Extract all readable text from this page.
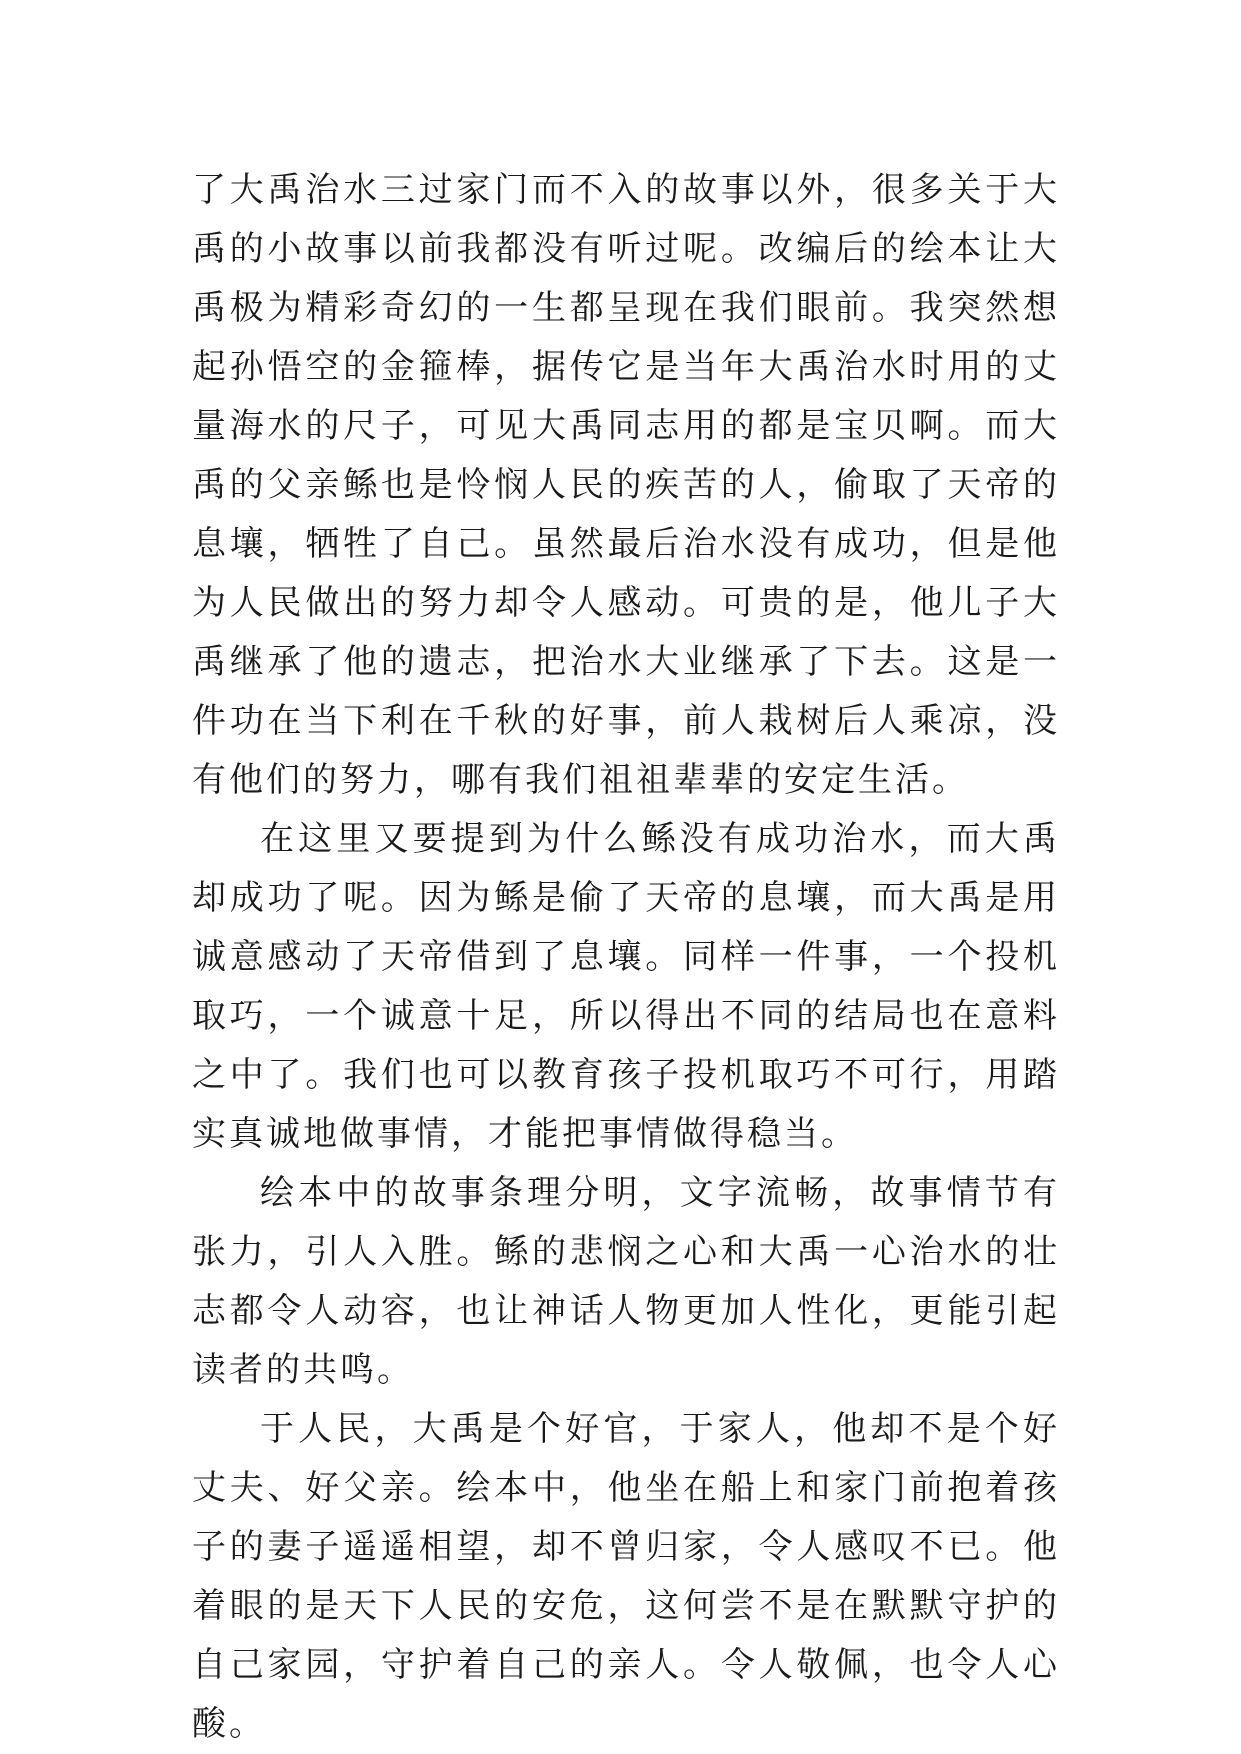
了大禹治水三过家门而不入的故事以外，很多关于大禹的小故事以前我都没有听过呢。改编后的绘本让大禹极为精彩奇幻的一生都呈现在我们眼前。我突然想起孙悟空的金箍棒，据传它是当年大禹治水时用的丈量海水的尺子，可见大禹同志用的都是宝贝啊。而大禹的父亲鲧也是怜悯人民的疾苦的人，偷取了天帝的息壤，牺牲了自己。虽然最后治水没有成功，但是他为人民做出的努力却令人感动。可贵的是，他儿子大禹继承了他的遗志，把治水大业继承了下去。这是一件功在当下利在千秋的好事，前人栽树后人乘凉，没有他们的努力，哪有我们祖祖辈辈的安定生活。

在这里又要提到为什么鲧没有成功治水，而大禹却成功了呢。因为鲧是偷了天帝的息壤，而大禹是用诚意感动了天帝借到了息壤。同样一件事，一个投机取巧，一个诚意十足，所以得出不同的结局也在意料之中了。我们也可以教育孩子投机取巧不可行，用踏实真诚地做事情，才能把事情做得稳当。

绘本中的故事条理分明，文字流畅，故事情节有张力，引人入胜。鲧的悲悯之心和大禹一心治水的壮志都令人动容，也让神话人物更加人性化，更能引起读者的共鸣。

于人民，大禹是个好官，于家人，他却不是个好丈夫、好父亲。绘本中，他坐在船上和家门前抱着孩子的妻子遥遥相望，却不曾归家，令人感叹不已。他着眼的是天下人民的安危，这何尝不是在默默守护的自己家园，守护着自己的亲人。令人敬佩，也令人心酸。
